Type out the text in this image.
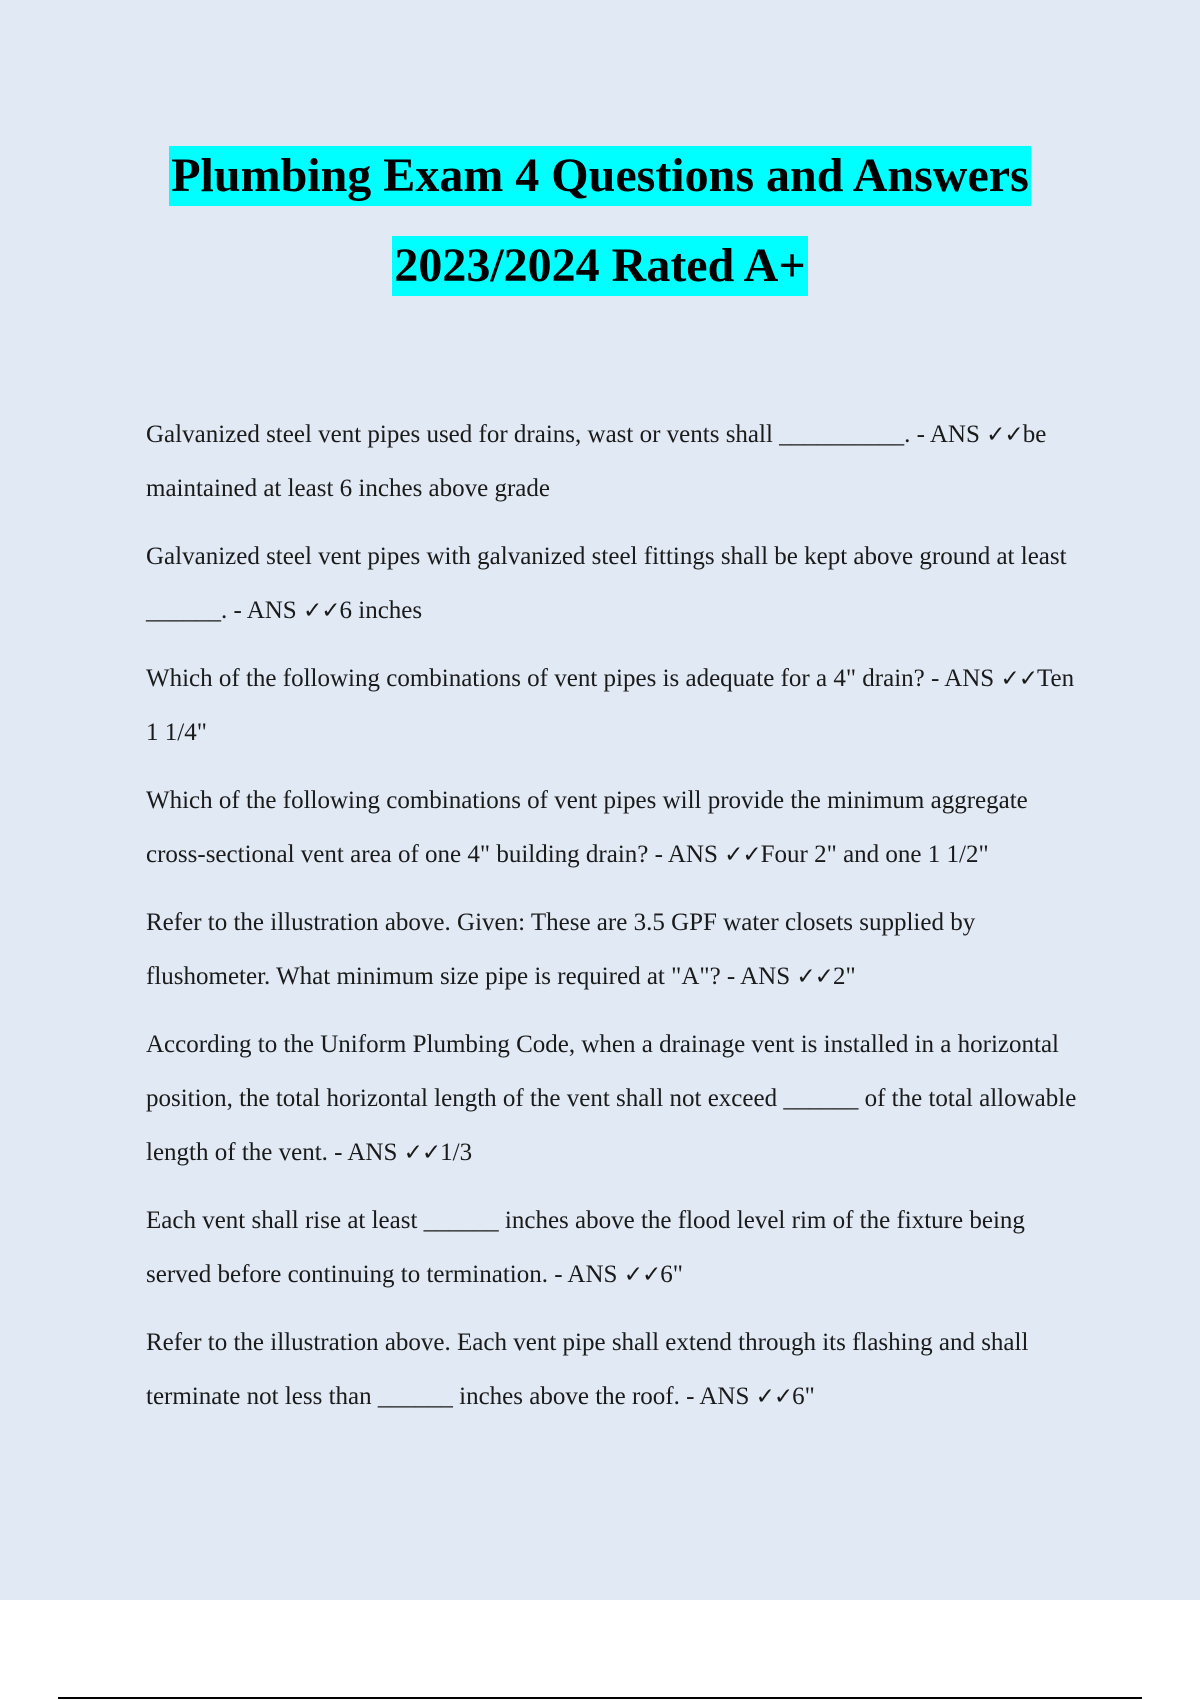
Plumbing Exam 4 Questions and Answers
2023/2024 Rated A+

Galvanized steel vent pipes used for drains, wast or vents shall __________. - ANS ✓✓be maintained at least 6 inches above grade

Galvanized steel vent pipes with galvanized steel fittings shall be kept above ground at least ______. - ANS ✓✓6 inches

Which of the following combinations of vent pipes is adequate for a 4" drain? - ANS ✓✓Ten 1 1/4"

Which of the following combinations of vent pipes will provide the minimum aggregate cross-sectional vent area of one 4" building drain? - ANS ✓✓Four 2" and one 1 1/2"

Refer to the illustration above. Given: These are 3.5 GPF water closets supplied by flushometer. What minimum size pipe is required at "A"? - ANS ✓✓2"

According to the Uniform Plumbing Code, when a drainage vent is installed in a horizontal position, the total horizontal length of the vent shall not exceed ______ of the total allowable length of the vent. - ANS ✓✓1/3

Each vent shall rise at least ______ inches above the flood level rim of the fixture being served before continuing to termination. - ANS ✓✓6"

Refer to the illustration above. Each vent pipe shall extend through its flashing and shall terminate not less than ______ inches above the roof. - ANS ✓✓6"
